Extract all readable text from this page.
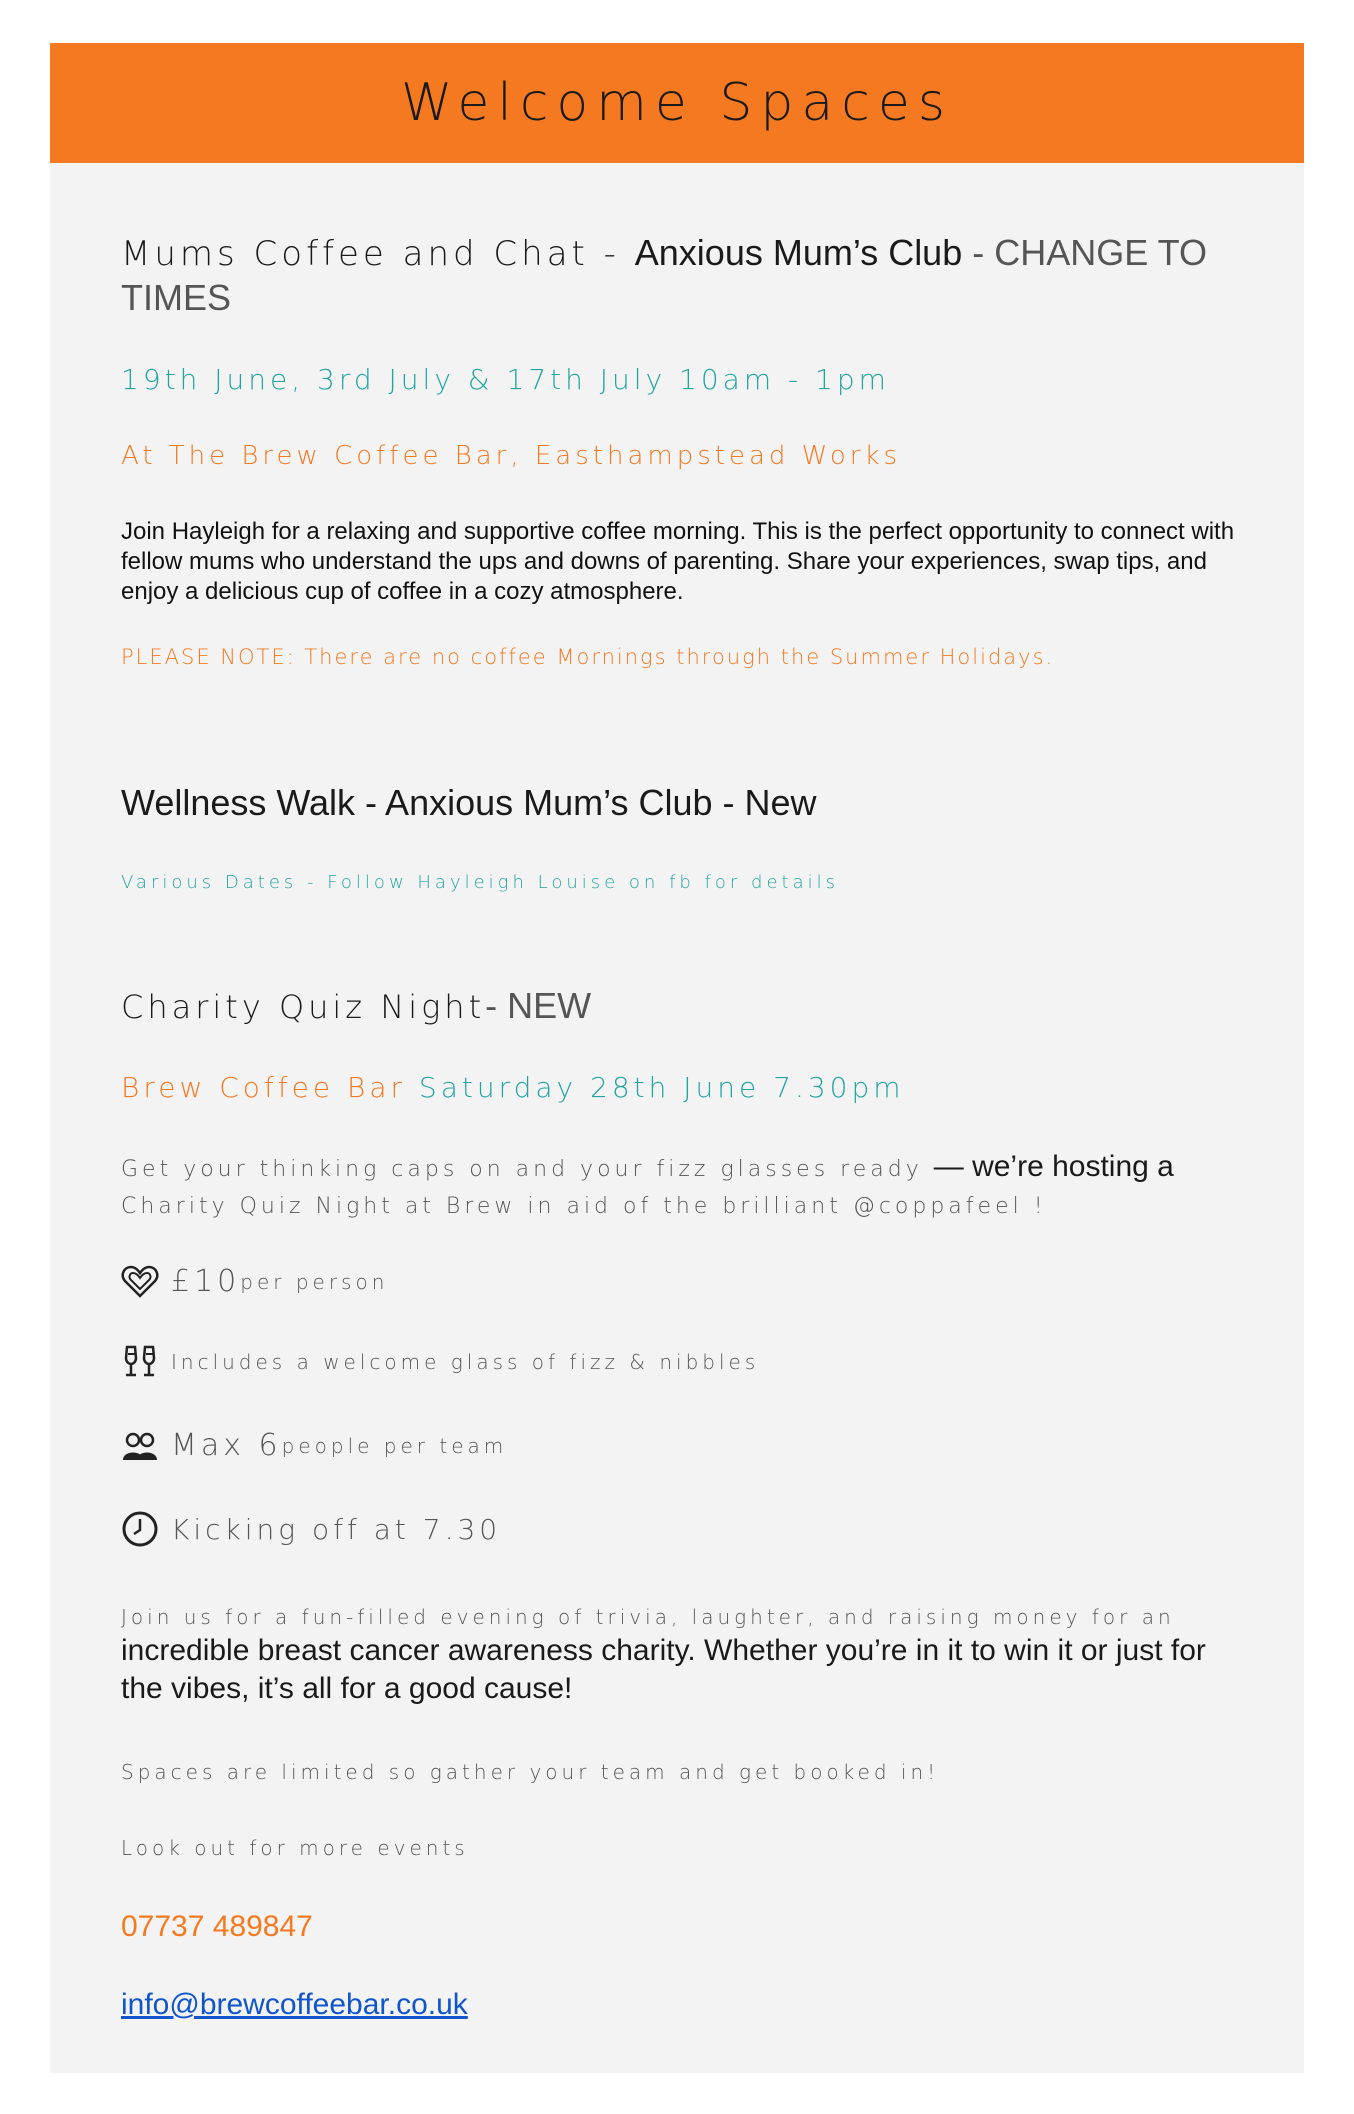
Welcome Spaces
Mums Coffee and Chat - Anxious Mum’s Club - CHANGE TO TIMES
19th June, 3rd July & 17th July 10am - 1pm
At The Brew Coffee Bar, Easthampstead Works
Join Hayleigh for a relaxing and supportive coffee morning. This is the perfect opportunity to connect with fellow mums who understand the ups and downs of parenting. Share your experiences, swap tips, and enjoy a delicious cup of coffee in a cozy atmosphere.
PLEASE NOTE: There are no coffee Mornings through the Summer Holidays.
Wellness Walk - Anxious Mum’s Club - New
Various Dates - Follow Hayleigh Louise on fb for details
Charity Quiz Night- NEW
Brew Coffee Bar Saturday 28th June 7.30pm
Get your thinking caps on and your fizz glasses ready — we’re hosting a
Charity Quiz Night at Brew in aid of the brilliant @coppafeel !
£10 per person
Includes a welcome glass of fizz & nibbles
Max 6 people per team
Kicking off at 7.30
Join us for a fun-filled evening of trivia, laughter, and raising money for an
incredible breast cancer awareness charity. Whether you’re in it to win it or just for the vibes, it’s all for a good cause!
Spaces are limited so gather your team and get booked in!
Look out for more events
07737 489847
info@brewcoffeebar.co.uk
